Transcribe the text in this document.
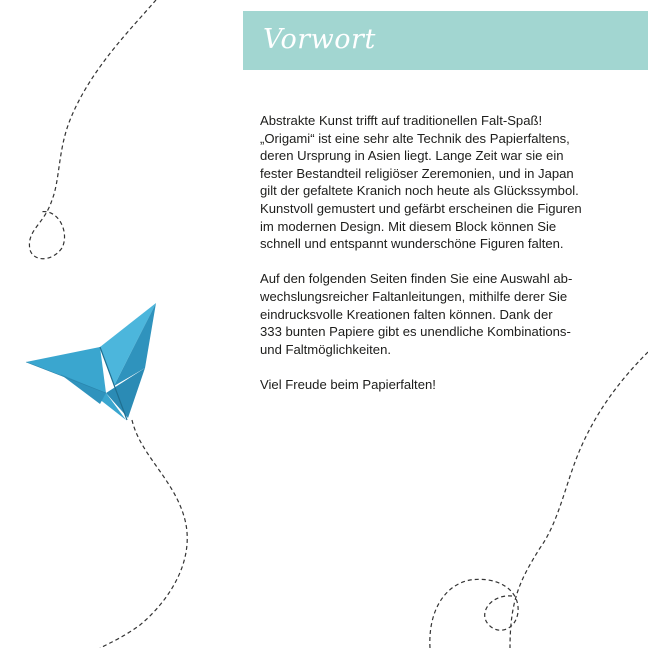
Vorwort

Abstrakte Kunst trifft auf traditionellen Falt-Spaß!
„Origami“ ist eine sehr alte Technik des Papierfaltens,
deren Ursprung in Asien liegt. Lange Zeit war sie ein
fester Bestandteil religiöser Zeremonien, und in Japan
gilt der gefaltete Kranich noch heute als Glückssymbol.
Kunstvoll gemustert und gefärbt erscheinen die Figuren
im modernen Design. Mit diesem Block können Sie
schnell und entspannt wunderschöne Figuren falten.

Auf den folgenden Seiten finden Sie eine Auswahl ab-
wechslungsreicher Faltanleitungen, mithilfe derer Sie
eindrucksvolle Kreationen falten können. Dank der
333 bunten Papiere gibt es unendliche Kombinations-
und Faltmöglichkeiten.

Viel Freude beim Papierfalten!
